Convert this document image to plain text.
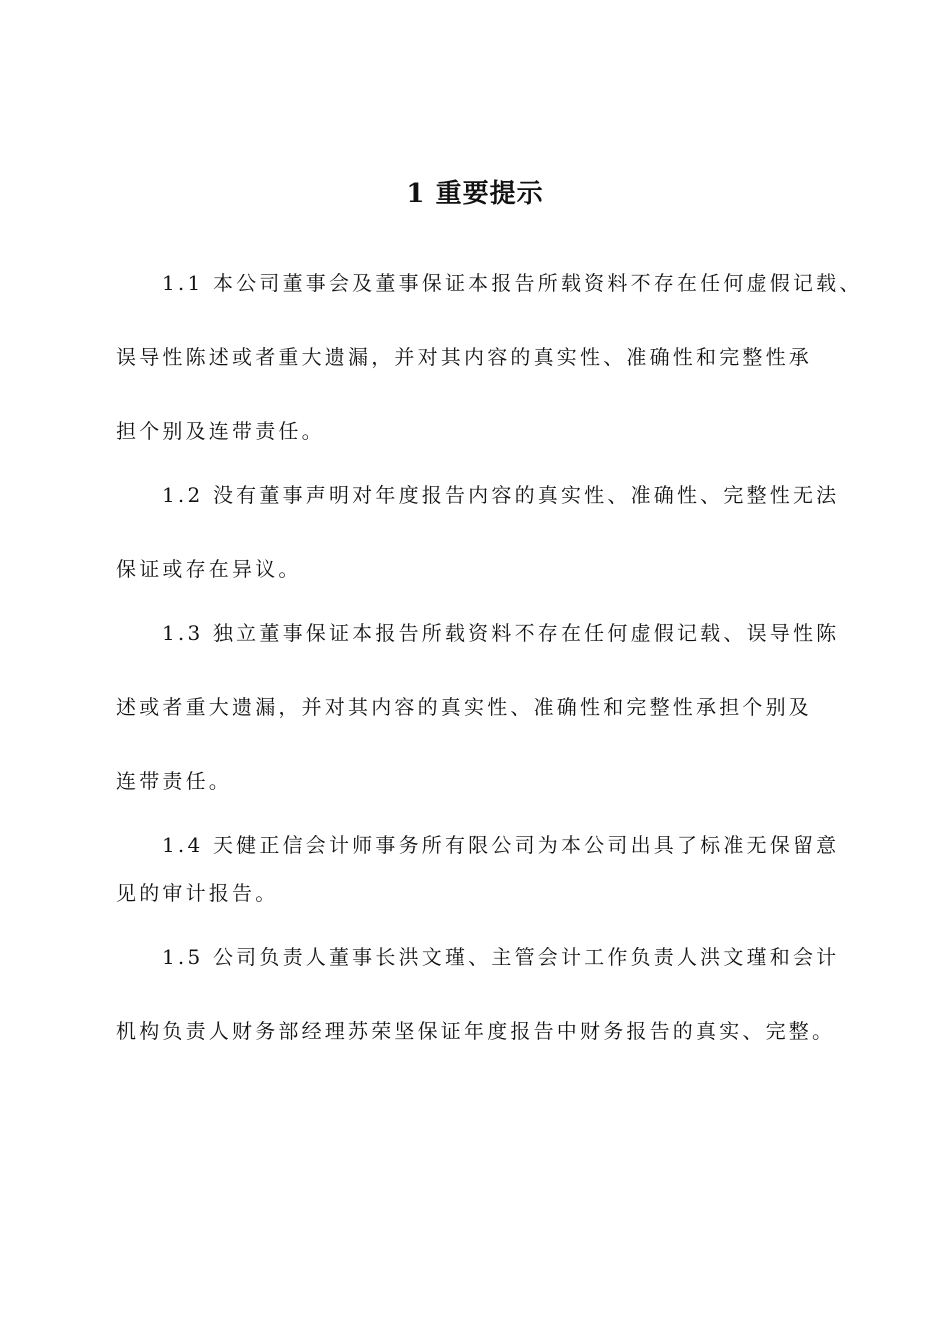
1 重要提示
1.1 本公司董事会及董事保证本报告所载资料不存在任何虚假记载、
误导性陈述或者重大遗漏，并对其内容的真实性、准确性和完整性承
担个别及连带责任。
1.2 没有董事声明对年度报告内容的真实性、准确性、完整性无法
保证或存在异议。
1.3 独立董事保证本报告所载资料不存在任何虚假记载、误导性陈
述或者重大遗漏，并对其内容的真实性、准确性和完整性承担个别及
连带责任。
1.4 天健正信会计师事务所有限公司为本公司出具了标准无保留意
见的审计报告。
1.5 公司负责人董事长洪文瑾、主管会计工作负责人洪文瑾和会计
机构负责人财务部经理苏荣坚保证年度报告中财务报告的真实、完整。
